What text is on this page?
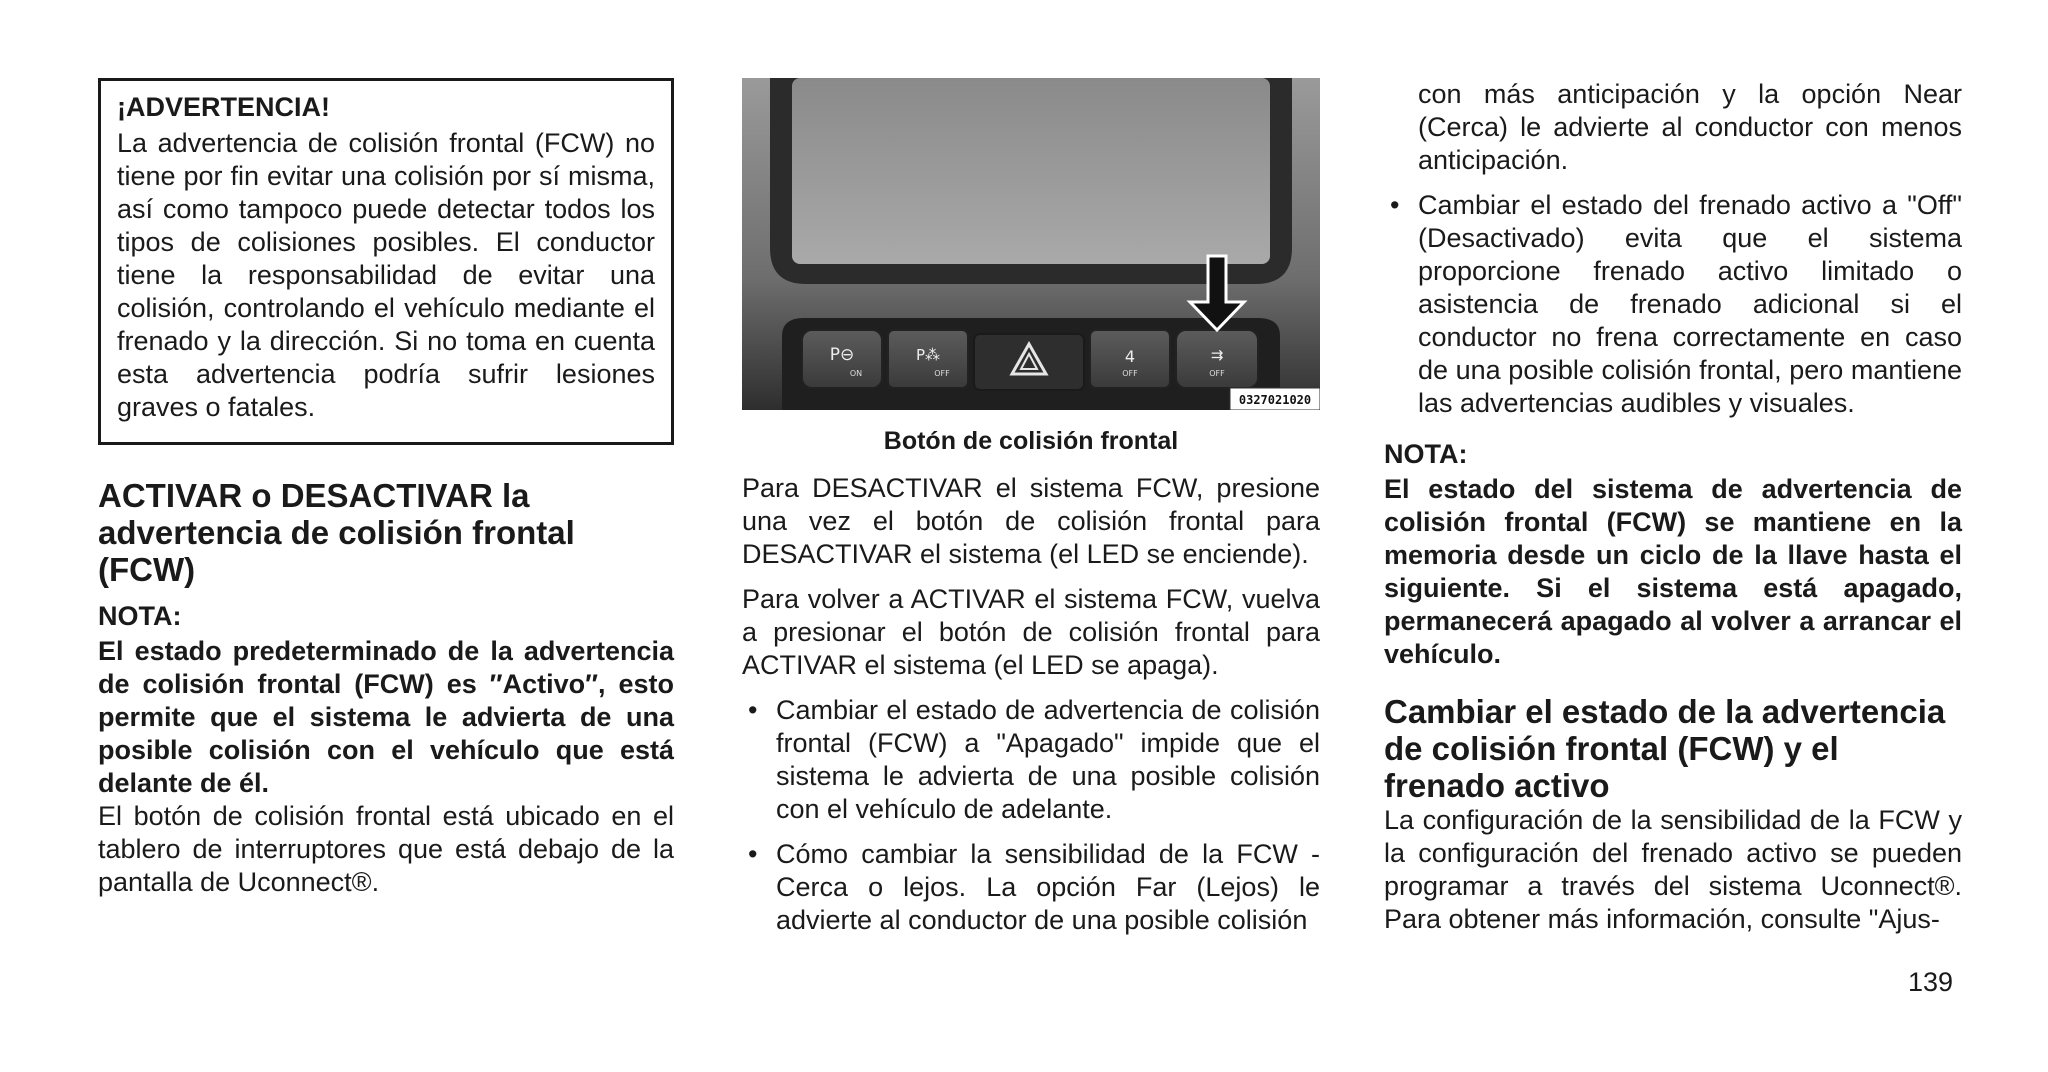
¡ADVERTENCIA!

La advertencia de colisión frontal (FCW) no tiene por fin evitar una colisión por sí misma, así como tampoco puede detectar todos los tipos de colisiones posibles. El conductor tiene la responsabilidad de evitar una colisión, controlando el vehículo mediante el frenado y la dirección. Si no toma en cuenta esta advertencia podría sufrir lesiones graves o fatales.

ACTIVAR o DESACTIVAR la advertencia de colisión frontal (FCW)
NOTA:

El estado predeterminado de la advertencia de colisión frontal (FCW) es ″Activo″, esto permite que el sistema le advierta de una posible colisión con el vehículo que está delante de él.

El botón de colisión frontal está ubicado en el tablero de interruptores que está debajo de la pantalla de Uconnect®.

P⊖
ON
P⁂
OFF
4
OFF
⇉
OFF
0327021020
Botón de colisión frontal

Para DESACTIVAR el sistema FCW, presione una vez el botón de colisión frontal para DESACTIVAR el sistema (el LED se enciende).

Para volver a ACTIVAR el sistema FCW, vuelva a presionar el botón de colisión frontal para ACTIVAR el sistema (el LED se apaga).

• Cambiar el estado de advertencia de colisión frontal (FCW) a "Apagado" impide que el sistema le advierta de una posible colisión con el vehículo de adelante.
• Cómo cambiar la sensibilidad de la FCW - Cerca o lejos. La opción Far (Lejos) le advierte al conductor de una posible colisión

con más anticipación y la opción Near (Cerca) le advierte al conductor con menos anticipación.

• Cambiar el estado del frenado activo a "Off" (Desactivado) evita que el sistema proporcione frenado activo limitado o asistencia de frenado adicional si el conductor no frena correctamente en caso de una posible colisión frontal, pero mantiene las advertencias audibles y visuales.
NOTA:

El estado del sistema de advertencia de colisión frontal (FCW) se mantiene en la memoria desde un ciclo de la llave hasta el siguiente. Si el sistema está apagado, permanecerá apagado al volver a arrancar el vehículo.

Cambiar el estado de la advertencia de colisión frontal (FCW) y el frenado activo

La configuración de la sensibilidad de la FCW y la configuración del frenado activo se pueden programar a través del sistema Uconnect®. Para obtener más información, consulte "Ajus-

139
